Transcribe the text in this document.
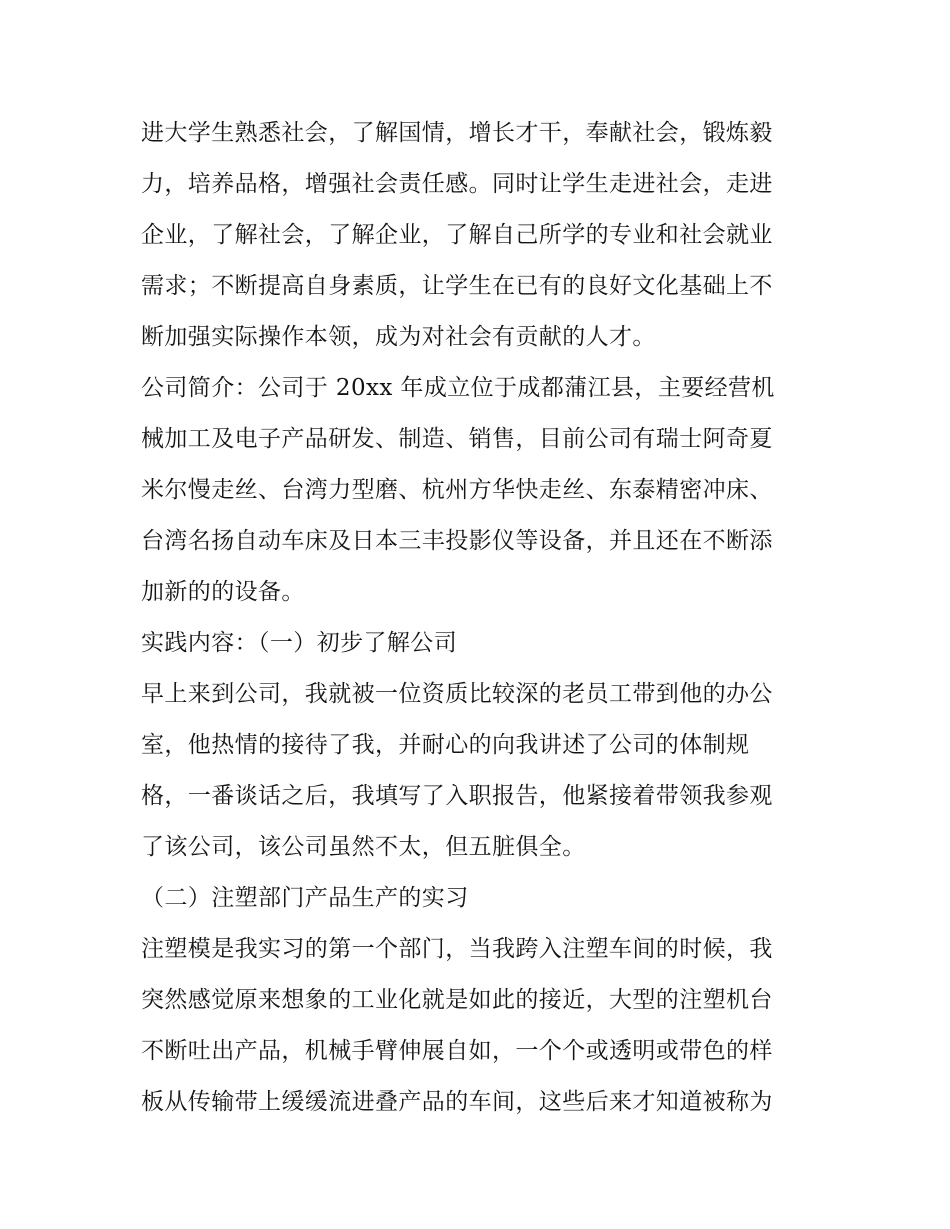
进大学生熟悉社会，了解国情，增长才干，奉献社会，锻炼毅
力，培养品格，增强社会责任感。同时让学生走进社会，走进
企业，了解社会，了解企业，了解自己所学的专业和社会就业
需求；不断提高自身素质，让学生在已有的良好文化基础上不
断加强实际操作本领，成为对社会有贡献的人才。
公司简介：公司于 20xx 年成立位于成都蒲江县，主要经营机
械加工及电子产品研发、制造、销售，目前公司有瑞士阿奇夏
米尔慢走丝、台湾力型磨、杭州方华快走丝、东泰精密冲床、
台湾名扬自动车床及日本三丰投影仪等设备，并且还在不断添
加新的的设备。
实践内容：（一）初步了解公司
早上来到公司，我就被一位资质比较深的老员工带到他的办公
室，他热情的接待了我，并耐心的向我讲述了公司的体制规
格，一番谈话之后，我填写了入职报告，他紧接着带领我参观
了该公司，该公司虽然不太，但五脏俱全。
（二）注塑部门产品生产的实习
注塑模是我实习的第一个部门，当我跨入注塑车间的时候，我
突然感觉原来想象的工业化就是如此的接近，大型的注塑机台
不断吐出产品，机械手臂伸展自如，一个个或透明或带色的样
板从传输带上缓缓流进叠产品的车间，这些后来才知道被称为
